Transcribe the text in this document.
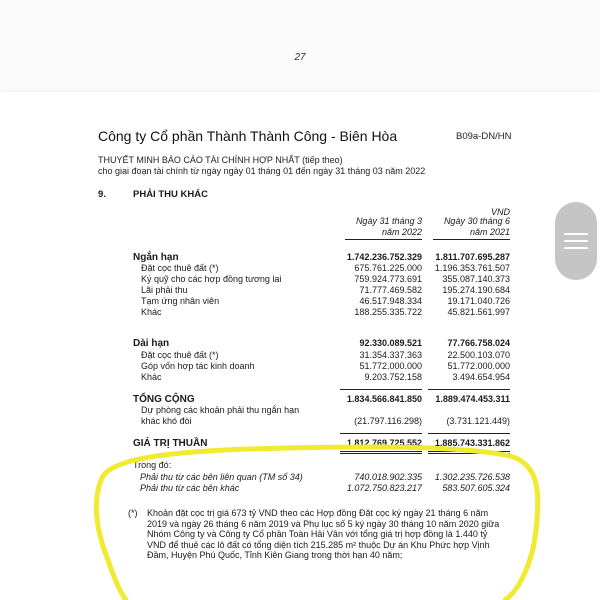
27
Công ty Cổ phần Thành Thành Công - Biên Hòa	B09a-DN/HN
THUYẾT MINH BÁO CÁO TÀI CHÍNH HỢP NHẤT (tiếp theo)
cho giai đoạn tài chính từ ngày ngày 01 tháng 01 đến ngày 31 tháng 03 năm 2022
9.	PHẢI THU KHÁC
VND
Ngày 31 tháng 3
năm 2022
Ngày 30 tháng 6
năm 2021
Ngắn hạn	1.742.236.752.329	1.811.707.695.287
Đặt cọc thuê đất (*)	675.761.225.000	1.196.353.761.507
Ký quỹ cho các hợp đồng tương lai	759.924.773.691	355.087.140.373
Lãi phải thu	71.777.469.582	195.274.190.684
Tạm ứng nhân viên	46.517.948.334	19.171.040.726
Khác	188.255.335.722	45.821.561.997
Dài hạn	92.330.089.521	77.766.758.024
Đặt cọc thuê đất (*)	31.354.337.363	22.500.103.070
Góp vốn hợp tác kinh doanh	51.772.000.000	51.772.000.000
Khác	9.203.752.158	3.494.654.954
TỔNG CỘNG	1.834.566.841.850	1.889.474.453.311
Dự phòng các khoản phải thu ngắn hạn
khác khó đòi	(21.797.116.298)	(3.731.121.449)
GIÁ TRỊ THUẦN	1.812.769.725.552	1.885.743.331.862
Trong đó:
Phải thu từ các bên liên quan (TM số 34)	740.018.902.335	1.302.235.726.538
Phải thu từ các bên khác	1.072.750.823.217	583.507.605.324
(*) Khoản đặt cọc trị giá 673 tỷ VND theo các Hợp đồng Đặt cọc ký ngày 21 tháng 6 năm 2019 và ngày 26 tháng 6 năm 2019 và Phụ lục số 5 ký ngày 30 tháng 10 năm 2020 giữa Nhóm Công ty và Công ty Cổ phần Toàn Hải Vân với tổng giá trị hợp đồng là 1.440 tỷ VND để thuê các lô đất có tổng diện tích 215.285 m² thuộc Dự án Khu Phức hợp Vịnh Đầm, Huyện Phú Quốc, Tỉnh Kiên Giang trong thời hạn 40 năm;
